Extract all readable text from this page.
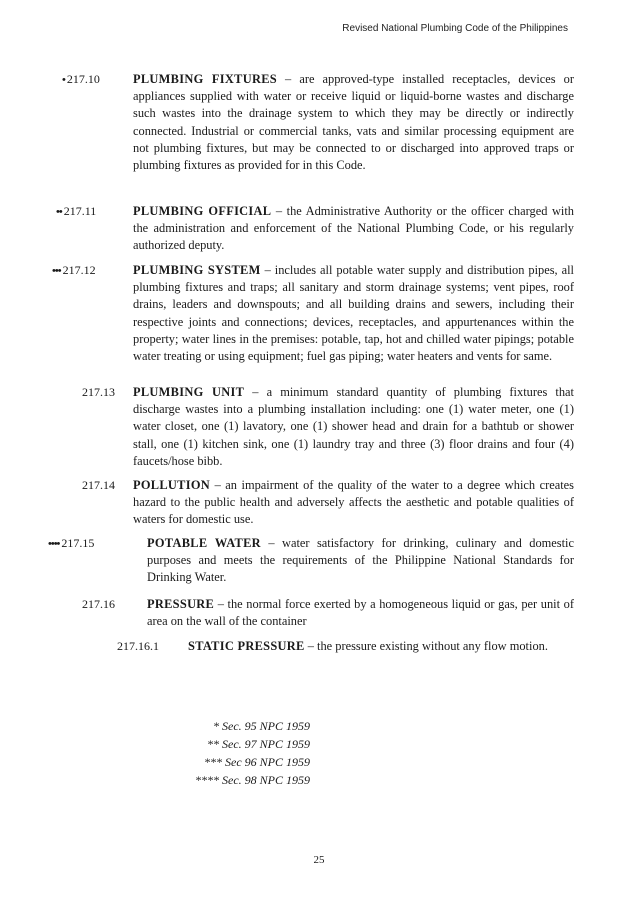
Revised National Plumbing Code of the Philippines
• 217.10	PLUMBING FIXTURES – are approved-type installed receptacles, devices or appliances supplied with water or receive liquid or liquid-borne wastes and discharge such wastes into the drainage system to which they may be directly or indirectly connected. Industrial or commercial tanks, vats and similar processing equipment are not plumbing fixtures, but may be connected to or discharged into approved traps or plumbing fixtures as provided for in this Code.
•• 217.11	PLUMBING OFFICIAL – the Administrative Authority or the officer charged with the administration and enforcement of the National Plumbing Code, or his regularly authorized deputy.
••• 217.12	PLUMBING SYSTEM – includes all potable water supply and distribution pipes, all plumbing fixtures and traps; all sanitary and storm drainage systems; vent pipes, roof drains, leaders and downspouts; and all building drains and sewers, including their respective joints and connections; devices, receptacles, and appurtenances within the property; water lines in the premises: potable, tap, hot and chilled water pipings; potable water treating or using equipment; fuel gas piping; water heaters and vents for same.
217.13 PLUMBING UNIT – a minimum standard quantity of plumbing fixtures that discharge wastes into a plumbing installation including: one (1) water meter, one (1) water closet, one (1) lavatory, one (1) shower head and drain for a bathtub or shower stall, one (1) kitchen sink, one (1) laundry tray and three (3) floor drains and four (4) faucets/hose bibb.
217.14 POLLUTION – an impairment of the quality of the water to a degree which creates hazard to the public health and adversely affects the aesthetic and potable qualities of waters for domestic use.
•••• 217.15	POTABLE WATER – water satisfactory for drinking, culinary and domestic purposes and meets the requirements of the Philippine National Standards for Drinking Water.
217.16	PRESSURE – the normal force exerted by a homogeneous liquid or gas, per unit of area on the wall of the container
217.16.1 STATIC PRESSURE – the pressure existing without any flow motion.
* Sec. 95 NPC 1959
** Sec. 97 NPC 1959
*** Sec 96 NPC 1959
**** Sec. 98 NPC 1959
25
